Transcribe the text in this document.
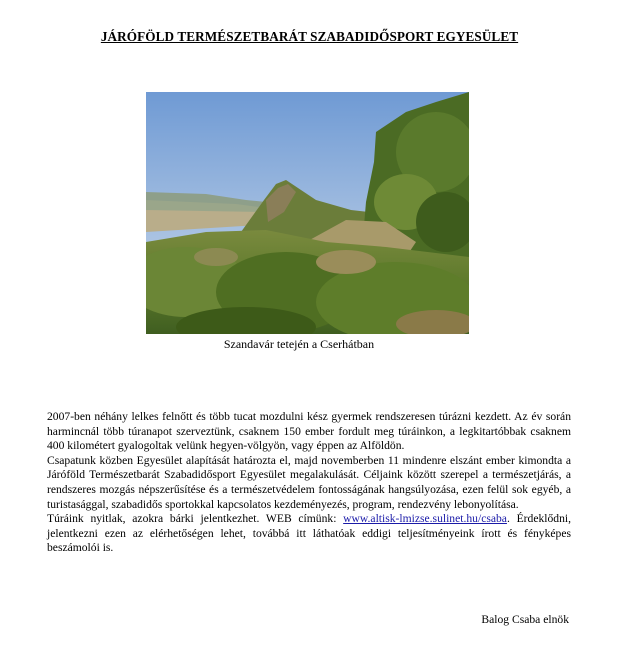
JÁRÓFÖLD TERMÉSZETBARÁT SZABADIDŐSPORT EGYESÜLET
Szandavár tetején a Cserhátban

2007-ben néhány lelkes felnőtt és több tucat mozdulni kész gyermek rendszeresen túrázni kezdett. Az év során harmincnál több túranapot szerveztünk, csaknem 150 ember fordult meg túráinkon, a legkitartóbbak csaknem 400 kilométert gyalogoltak velünk hegyen-völgyön, vagy éppen az Alföldön.

Csapatunk közben Egyesület alapítását határozta el, majd novemberben 11 mindenre elszánt ember kimondta a Járóföld Természetbarát Szabadidősport Egyesület megalakulását. Céljaink között szerepel a természetjárás, a rendszeres mozgás népszerűsítése és a természetvédelem fontosságának hangsúlyozása, ezen felül sok egyéb, a turistasággal, szabadidős sportokkal kapcsolatos kezdeményezés, program, rendezvény lebonyolítása.

Túráink nyitlak, azokra bárki jelentkezhet. WEB címünk: www.altisk-lmizse.sulinet.hu/csaba. Érdeklődni, jelentkezni ezen az elérhetőségen lehet, továbbá itt láthatóak eddigi teljesítményeink írott és fényképes beszámolói is.

Balog Csaba elnök
